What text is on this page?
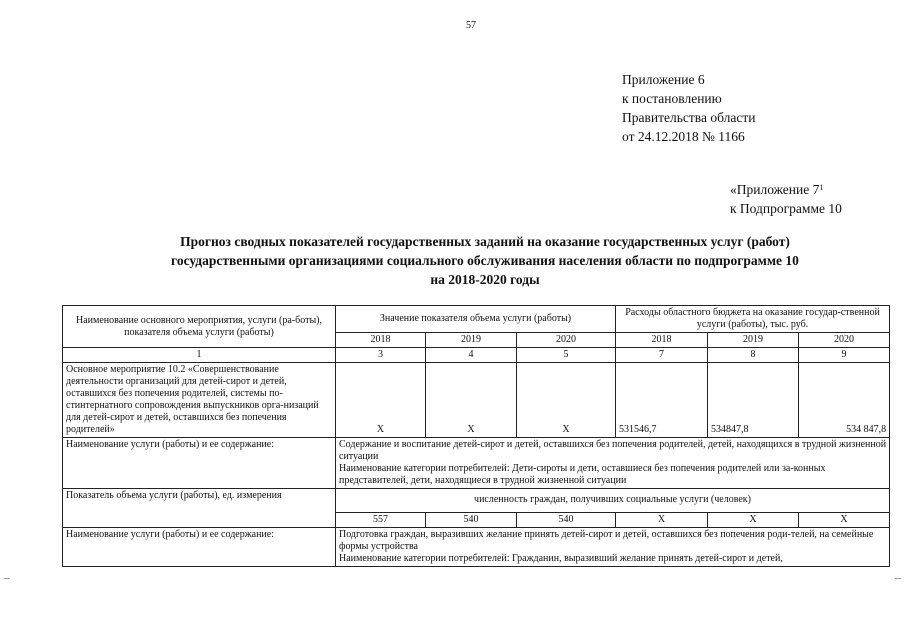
57
Приложение 6
к постановлению
Правительства области
от 24.12.2018 № 1166
«Приложение $7^1$
к Подпрограмме 10
Прогноз сводных показателей государственных заданий на оказание государственных услуг (работ)
государственными организациями социального обслуживания населения области по подпрограмме 10
на 2018-2020 годы
Наименование основного мероприятия, услуги (ра-боты), показателя объема услуги (работы)	Значение показателя объема услуги (работы)			Расходы областного бюджета на оказание государ-ственной услуги (работы), тыс. руб.		
	2018	2019	2020	2018	2019	2020
1	3	4	5	7	8	9
Основное мероприятие 10.2 «Совершенствование деятельности организаций для детей-сирот и детей, оставшихся без попечения родителей, системы по-стинтернатного сопровождения выпускников орга-низаций для детей-сирот и детей, оставшихся без попечения родителей»	Х	Х	Х	531546,7	534847,8	534 847,8
Наименование услуги (работы) и ее содержание:	Содержание и воспитание детей-сирот и детей, оставшихся без попечения родителей, детей, находящихся в трудной жизненной ситуации
Наименование категории потребителей: Дети-сироты и дети, оставшиеся без попечения родителей или за-конных представителей, дети, находящиеся в трудной жизненной ситуации					

Показатель объема услуги (работы), ед. измерения	численность граждан, получивших социальные услуги (человек)					
	557	540	540	Х	Х	Х
Наименование услуги (работы) и ее содержание:	Подготовка граждан, выразивших желание принять детей-сирот и детей, оставшихся без попечения роди-телей, на семейные формы устройства
Наименование категории потребителей: Гражданин, выразивший желание принять детей-сирот и детей,					
